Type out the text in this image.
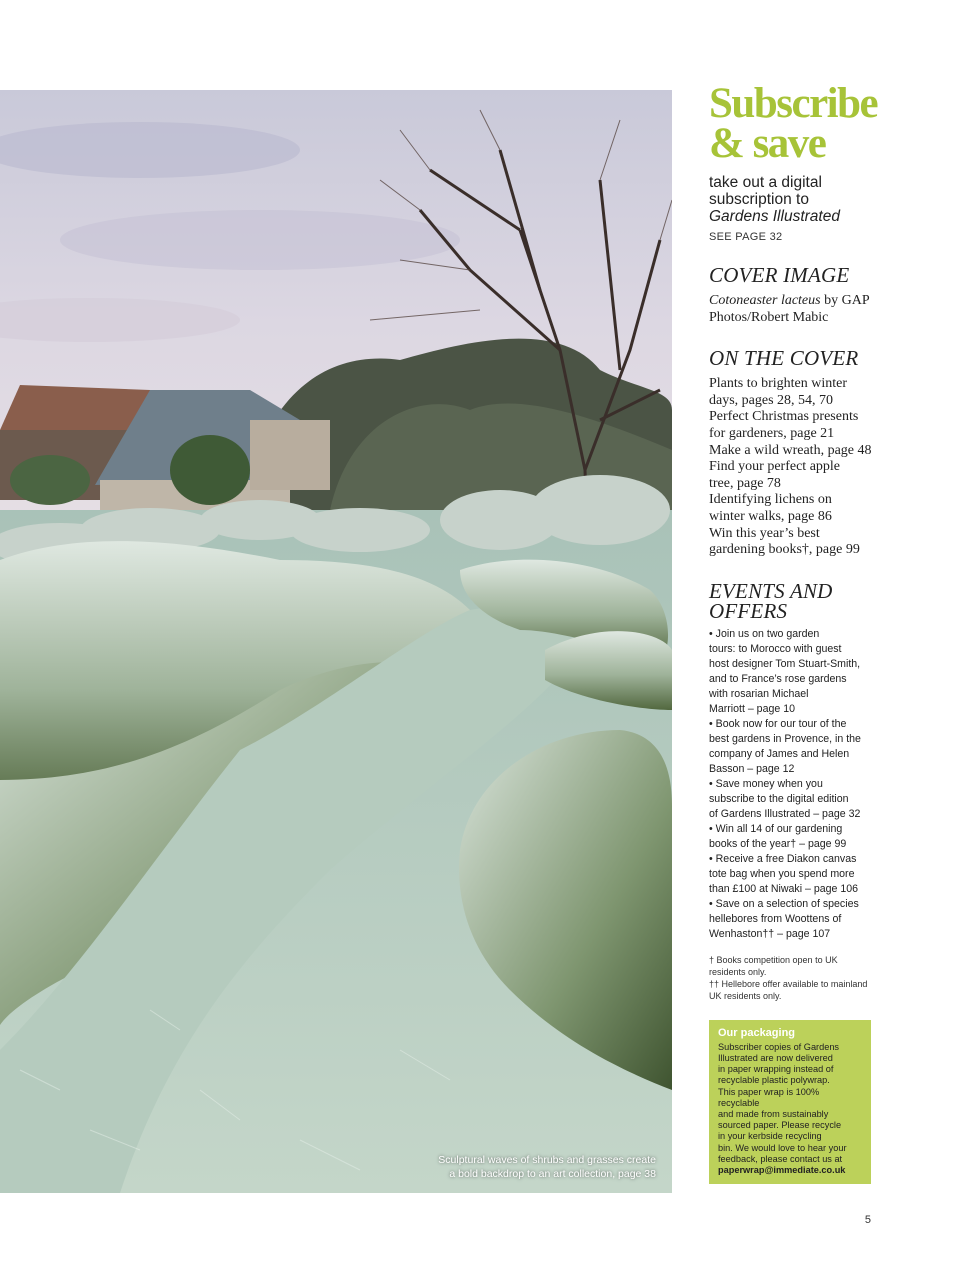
Sculptural waves of shrubs and grasses create
a bold backdrop to an art collection, page 38
Subscribe
& save
take out a digital
subscription to
Gardens Illustrated
SEE PAGE 32
COVER IMAGE
Cotoneaster lacteus by GAP
Photos/Robert Mabic
ON THE COVER
Plants to brighten winter
days, pages 28, 54, 70
Perfect Christmas presents
for gardeners, page 21
Make a wild wreath, page 48
Find your perfect apple
tree, page 78
Identifying lichens on
winter walks, page 86
Win this year’s best
gardening books†, page 99
EVENTS AND
OFFERS
• Join us on two garden
tours: to Morocco with guest
host designer Tom Stuart-Smith,
and to France’s rose gardens
with rosarian Michael
Marriott – page 10
• Book now for our tour of the
best gardens in Provence, in the
company of James and Helen
Basson – page 12
• Save money when you
subscribe to the digital edition
of Gardens Illustrated – page 32
• Win all 14 of our gardening
books of the year† – page 99
• Receive a free Diakon canvas
tote bag when you spend more
than £100 at Niwaki – page 106
• Save on a selection of species
hellebores from Woottens of
Wenhaston†† – page 107
† Books competition open to UK
residents only.
†† Hellebore offer available to mainland
UK residents only.
Our packaging
Subscriber copies of Gardens
Illustrated are now delivered
in paper wrapping instead of
recyclable plastic polywrap.
This paper wrap is 100% recyclable
and made from sustainably
sourced paper. Please recycle
in your kerbside recycling
bin. We would love to hear your
feedback, please contact us at
paperwrap@immediate.co.uk
5
